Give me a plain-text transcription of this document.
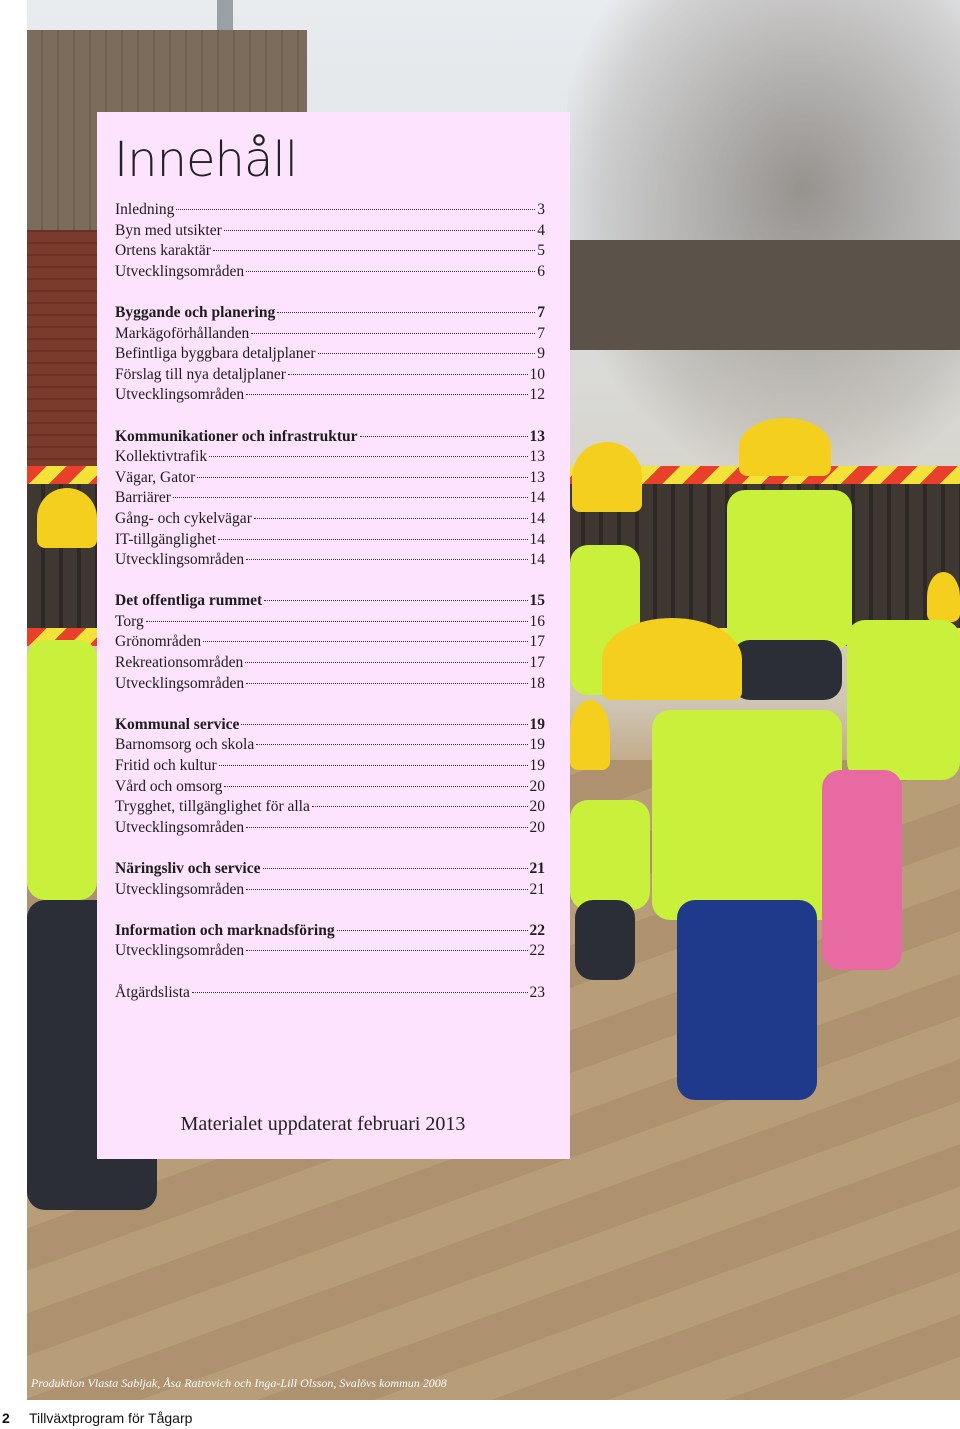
Produktion Vlasta Sabljak, Åsa Ratrovich och Inga-Lill Olsson, Svalövs kommun 2008
Innehåll
Inledning	3
Byn med utsikter	4
Ortens karaktär	5
Utvecklingsområden	6
Byggande och planering	7
Markägoförhållanden	7
Befintliga byggbara detaljplaner	9
Förslag till nya detaljplaner	10
Utvecklingsområden	12
Kommunikationer och infrastruktur	13
Kollektivtrafik	13
Vägar, Gator	13
Barriärer	14
Gång- och cykelvägar	14
IT-tillgänglighet	14
Utvecklingsområden	14
Det offentliga rummet	15
Torg	16
Grönområden	17
Rekreationsområden	17
Utvecklingsområden	18
Kommunal service	19
Barnomsorg och skola	19
Fritid och kultur	19
Vård och omsorg	20
Trygghet, tillgänglighet för alla	20
Utvecklingsområden	20
Näringsliv och service	21
Utvecklingsområden	21
Information och marknadsföring	22
Utvecklingsområden	22
Åtgärdslista	23
Materialet uppdaterat februari 2013
2 Tillväxtprogram för Tågarp
